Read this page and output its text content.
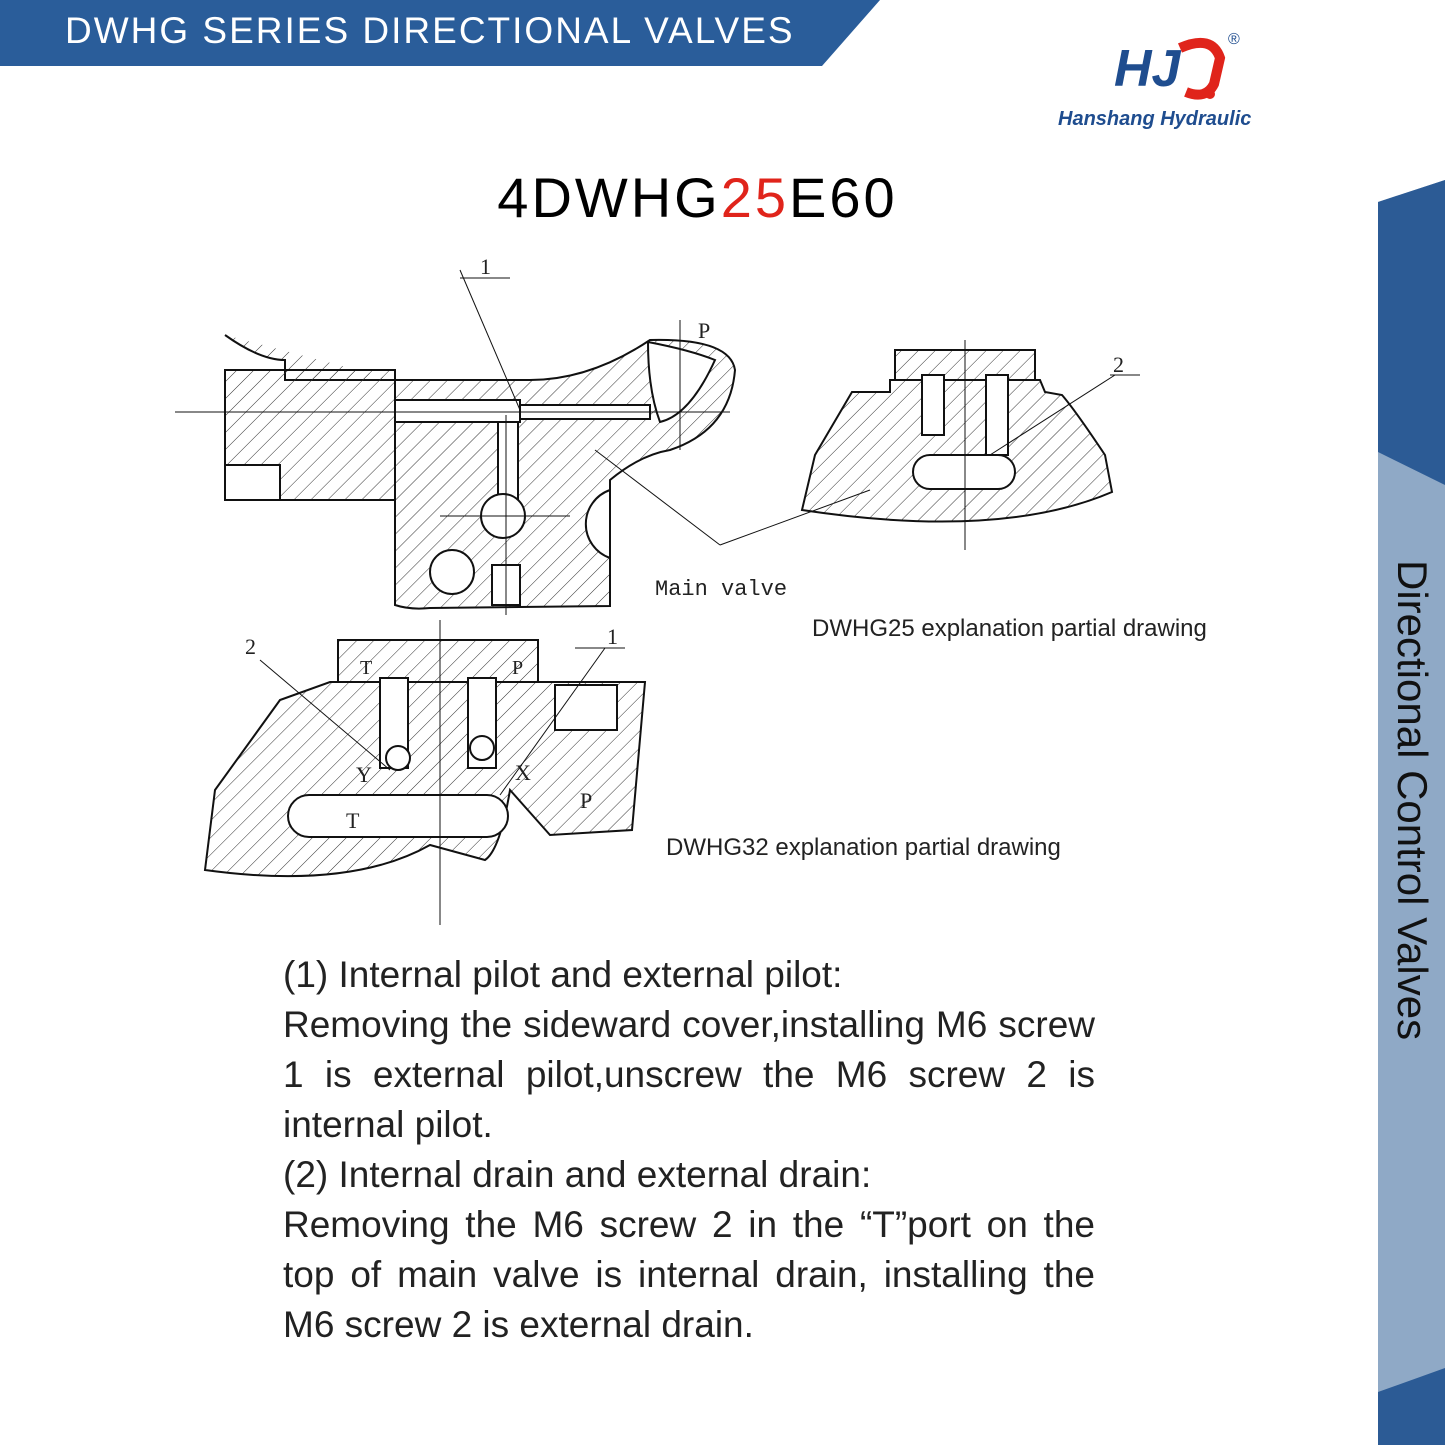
DWHG SERIES DIRECTIONAL VALVES
HJ
®
Hanshang Hydraulic
4DWHG25E60
Directional Control Valves
1
P
Main valve
2
2	1
T	P
Y	X
T
P
DWHG25 explanation partial drawing
DWHG32 explanation partial drawing

(1) Internal pilot and external pilot:

Removing the sideward cover,installing M6 screw 1 is external pilot,unscrew the M6 screw 2 is internal pilot.

(2) Internal drain and external drain:

Removing the M6 screw 2 in the “T”port on the top of main valve is internal drain, installing the M6 screw 2 is external drain.
